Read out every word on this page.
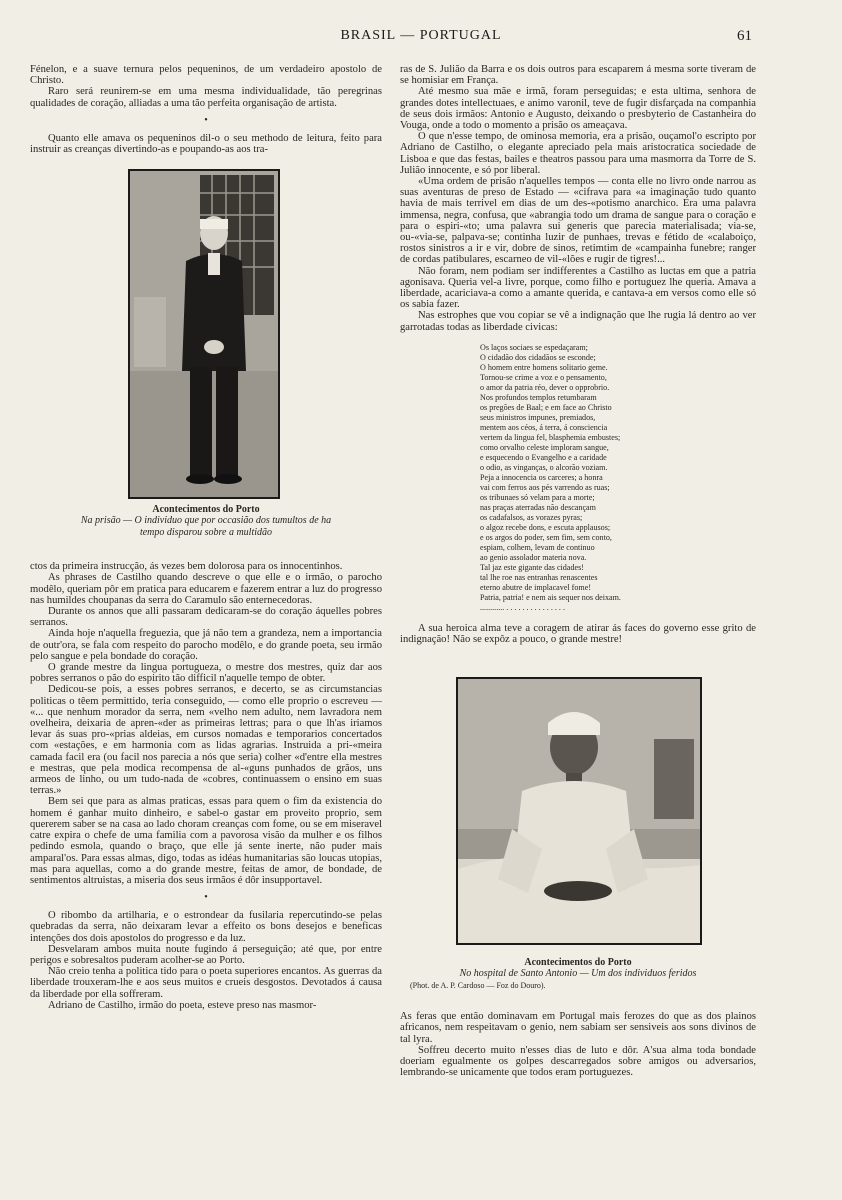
BRASIL — PORTUGAL	61

Fénelon, e a suave ternura pelos pequeninos, de um verdadeiro apostolo de Christo.

Raro será reunirem-se em uma mesma individualidade, tão peregrinas qualidades de coração, alliadas a uma tão perfeita organisação de artista.

•

Quanto elle amava os pequeninos dil-o o seu methodo de leitura, feito para instruir as creanças divertindo-as e poupando-as aos tra-

Acontecimentos do Porto
Na prisão — O individuo que por occasião dos tumultos de ha tempo disparou sobre a multidão

ctos da primeira instrucção, ás vezes bem dolorosa para os innocentinhos.

As phrases de Castilho quando descreve o que elle e o irmão, o parocho modêlo, queriam pôr em pratica para educarem e fazerem entrar a luz do progresso nas humildes choupanas da serra do Caramulo são enternecedoras.

Durante os annos que alli passaram dedicaram-se do coração áquelles pobres serranos.

Ainda hoje n'aquella freguezia, que já não tem a grandeza, nem a importancia de outr'ora, se fala com respeito do parocho modêlo, e do grande poeta, seu irmão pelo sangue e pela bondade do coração.

O grande mestre da lingua portugueza, o mestre dos mestres, quiz dar aos pobres serranos o pão do espirito tão difficil n'aquelle tempo de obter.

Dedicou-se pois, a esses pobres serranos, e decerto, se as circumstancias politicas o têem permittido, teria conseguido, — como elle proprio o escreveu — «... que nenhum morador da serra, nem «velho nem adulto, nem lavradora nem ovelheira, deixaria de apren-«der as primeiras lettras; para o que lh'as iriamos levar ás suas pro-«prias aldeias, em cursos nomadas e temporarios concertados com «estações, e em harmonia com as lidas agrarias. Instruida a pri-«meira camada facil era (ou facil nos parecia a nós que seria) colher «d'entre ella mestres e mestras, que pela modica recompensa de al-«guns punhados de grãos, uns armeos de linho, ou um tudo-nada de «cobres, continuassem o ensino em suas terras.»

Bem sei que para as almas praticas, essas para quem o fim da existencia do homem é ganhar muito dinheiro, e sabel-o gastar em proveito proprio, sem quererem saber se na casa ao lado choram creanças com fome, ou se em miseravel catre expira o chefe de uma familia com a pavorosa visão da mulher e os filhos pedindo esmola, quando o braço, que elle já sente inerte, não puder mais amparal'os. Para essas almas, digo, todas as idéas humanitarias são loucas utopias, mas para aquellas, como a do grande mestre, feitas de amor, de bondade, de sentimentos altruistas, a miseria dos seus irmãos é dôr insupportavel.

•

O ribombo da artilharia, e o estrondear da fusilaria repercutindo-se pelas quebradas da serra, não deixaram levar a effeito os bons desejos e beneficas intenções dos dois apostolos do progresso e da luz.

Desvelaram ambos muita noute fugindo á perseguição; até que, por entre perigos e sobresaltos puderam acolher-se ao Porto.

Não creio tenha a politica tido para o poeta superiores encantos. As guerras da liberdade trouxeram-lhe e aos seus muitos e crueis desgostos. Devotados á causa da liberdade por ella soffreram.

Adriano de Castilho, irmão do poeta, esteve preso nas masmor-

ras de S. Julião da Barra e os dois outros para escaparem á mesma sorte tiveram de se homisiar em França.

Até mesmo sua mãe e irmã, foram perseguidas; e esta ultima, senhora de grandes dotes intellectuaes, e animo varonil, teve de fugir disfarçada na companhia de seus dois irmãos: Antonio e Augusto, deixando o presbyterio de Castanheira do Vouga, onde a todo o momento a prisão os ameaçava.

O que n'esse tempo, de ominosa memoria, era a prisão, ouçamol'o escripto por Adriano de Castilho, o elegante apreciado pela mais aristocratica sociedade de Lisboa e que das festas, bailes e theatros passou para uma masmorra da Torre de S. Julião innocente, e só por liberal.

«Uma ordem de prisão n'aquelles tempos — conta elle no livro onde narrou as suas aventuras de preso de Estado — «cifrava para «a imaginação tudo quanto havia de mais terrivel em dias de um des-«potismo anarchico. Era uma palavra immensa, negra, confusa, que «abrangia todo um drama de sangue para o coração e para o espiri-«to; uma palavra sui generis que parecia materialisada; via-se, ou-«via-se, palpava-se; continha luzir de punhaes, trevas e fétido de «calaboiço, rostos sinistros a ir e vir, dobre de sinos, retimtim de «campainha funebre; ranger de cordas patibulares, escarneo de vil-«lões e rugir de tigres!...

Não foram, nem podiam ser indifferentes a Castilho as luctas em que a patria agonisava. Queria vel-a livre, porque, como filho e portuguez lhe queria. Amava a liberdade, acariciava-a como a amante querida, e cantava-a em versos como elle só os sabia fazer.

Nas estrophes que vou copiar se vê a indignação que lhe rugia lá dentro ao ver garrotadas todas as liberdade civicas:

Os laços sociaes se espedaçaram;
O cidadão dos cidadãos se esconde;
O homem entre homens solitario geme.
Tornou-se crime a voz e o pensamento,
o amor da patria réo, dever o opprobrio.
Nos profundos templos retumbaram
os pregões de Baal; e em face ao Christo
seus ministros impunes, premiados,
mentem aos céos, á terra, á consciencia
vertem da lingua fel, blasphemia embustes;
como orvalho celeste imploram sangue,
e esquecendo o Evangelho e a caridade
o odio, as vinganças, o alcorão voziam.
Peja a innocencia os carceres; a honra
vai com ferros aos pés varrendo as ruas;
os tribunaes só velam para a morte;
nas praças aterradas não descançam
os cadafalsos, as vorazes pyras;
o algoz recebe dons, e escuta applausos;
e os argos do poder, sem fim, sem conto,
espiam, colhem, levam de continuo
ao genio assolador materia nova.
Tal jaz este gigante das cidades!
tal lhe roe nas entranhas renascentes
eterno abutre de implacavel fome!
Patria, patria! e nem ais sequer nos deixam.
............ . . . . . . . . . . . . . . .

A sua heroica alma teve a coragem de atirar ás faces do governo esse grito de indignação! Não se expôz a pouco, o grande mestre!

Acontecimentos do Porto
No hospital de Santo Antonio — Um dos individuos feridos
(Phot. de A. P. Cardoso — Foz do Douro).

As feras que então dominavam em Portugal mais ferozes do que as dos plainos africanos, nem respeitavam o genio, nem sabiam ser sensiveis aos sons divinos de tal lyra.

Soffreu decerto muito n'esses dias de luto e dôr. A'sua alma toda bondade doeriam egualmente os golpes descarregados sobre amigos ou adversarios, lembrando-se unicamente que todos eram portuguezes.
